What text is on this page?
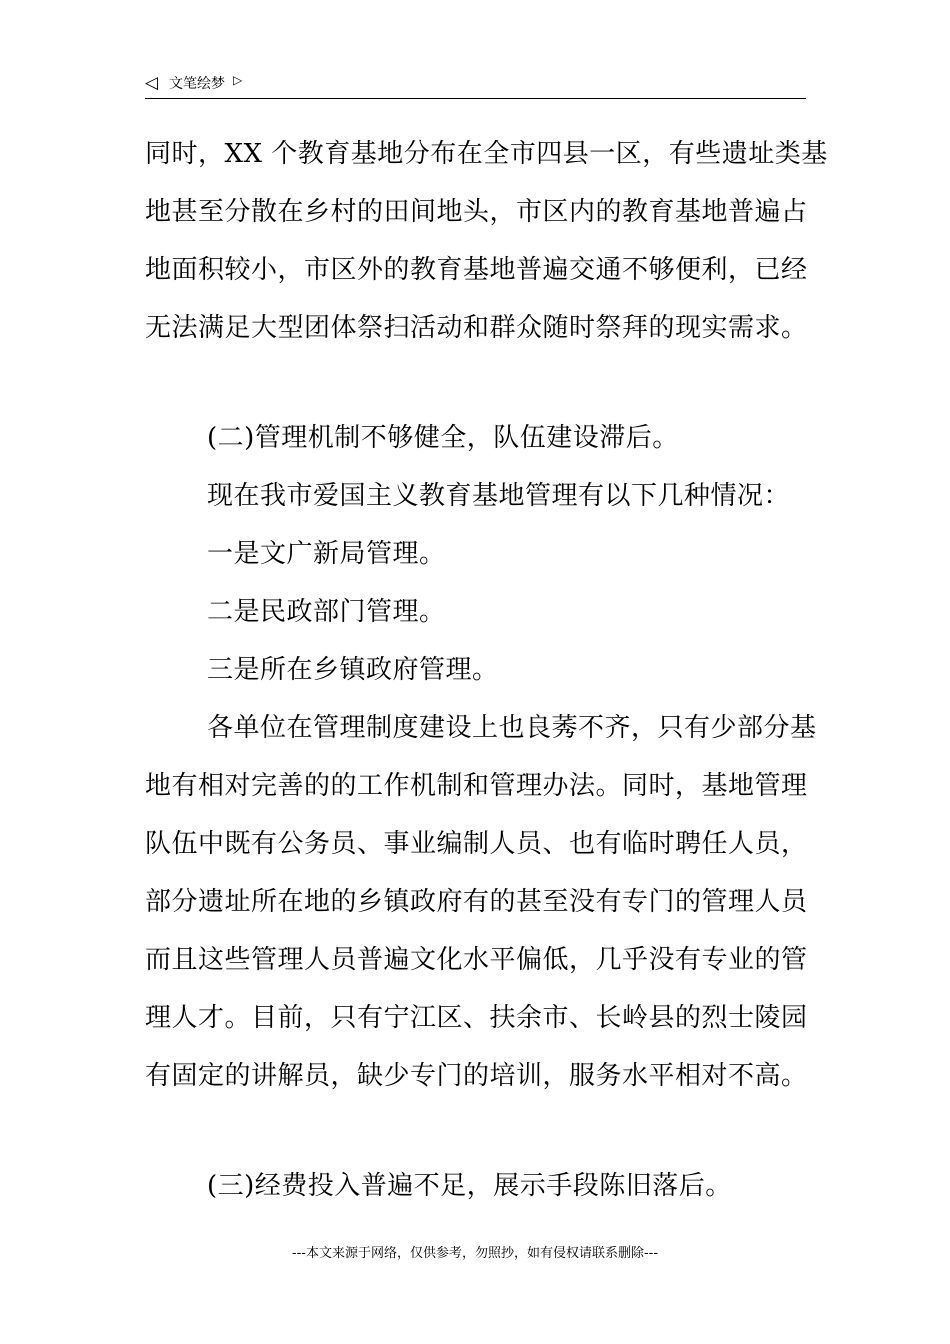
◁ 文笔绘梦 ▷
同时，XX 个教育基地分布在全市四县一区，有些遗址类基
地甚至分散在乡村的田间地头，市区内的教育基地普遍占
地面积较小，市区外的教育基地普遍交通不够便利，已经
无法满足大型团体祭扫活动和群众随时祭拜的现实需求。
(二)管理机制不够健全，队伍建设滞后。
现在我市爱国主义教育基地管理有以下几种情况：
一是文广新局管理。
二是民政部门管理。
三是所在乡镇政府管理。
各单位在管理制度建设上也良莠不齐，只有少部分基
地有相对完善的的工作机制和管理办法。同时，基地管理
队伍中既有公务员、事业编制人员、也有临时聘任人员，
部分遗址所在地的乡镇政府有的甚至没有专门的管理人员
而且这些管理人员普遍文化水平偏低，几乎没有专业的管
理人才。目前，只有宁江区、扶余市、长岭县的烈士陵园
有固定的讲解员，缺少专门的培训，服务水平相对不高。
(三)经费投入普遍不足，展示手段陈旧落后。
---本文来源于网络，仅供参考，勿照抄，如有侵权请联系删除---
